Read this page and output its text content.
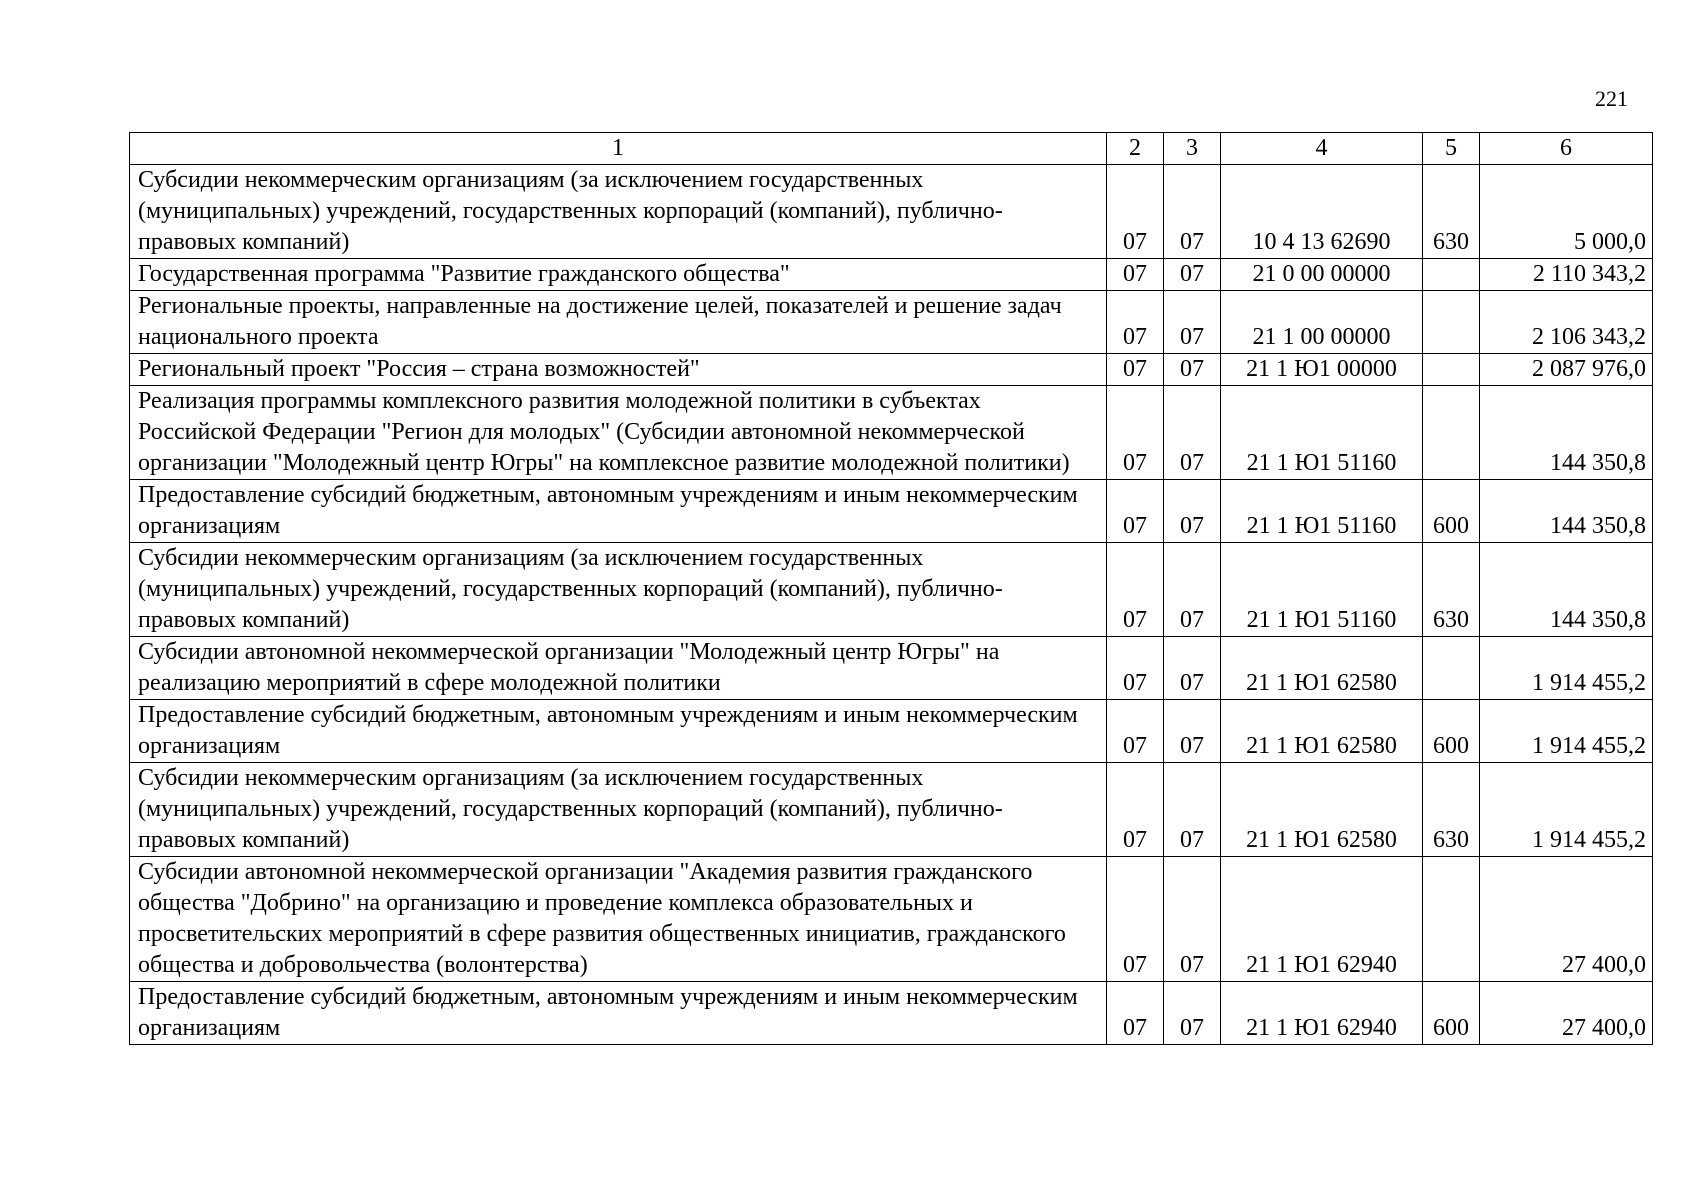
221
1	2	3	4	5	6
Субсидии некоммерческим организациям (за исключением государственных (муниципальных) учреждений, государственных корпораций (компаний), публично-правовых компаний)	07	07	10 4 13 62690	630	5 000,0
Государственная программа "Развитие гражданского общества"	07	07	21 0 00 00000		2 110 343,2
Региональные проекты, направленные на достижение целей, показателей и решение задач национального проекта	07	07	21 1 00 00000		2 106 343,2
Региональный проект "Россия – страна возможностей"	07	07	21 1 Ю1 00000		2 087 976,0
Реализация программы комплексного развития молодежной политики в субъектах Российской Федерации "Регион для молодых" (Субсидии автономной некоммерческой организации "Молодежный центр Югры" на комплексное развитие молодежной политики)	07	07	21 1 Ю1 51160		144 350,8
Предоставление субсидий бюджетным, автономным учреждениям и иным некоммерческим организациям	07	07	21 1 Ю1 51160	600	144 350,8
Субсидии некоммерческим организациям (за исключением государственных (муниципальных) учреждений, государственных корпораций (компаний), публично-правовых компаний)	07	07	21 1 Ю1 51160	630	144 350,8
Субсидии автономной некоммерческой организации "Молодежный центр Югры" на реализацию мероприятий в сфере молодежной политики	07	07	21 1 Ю1 62580		1 914 455,2
Предоставление субсидий бюджетным, автономным учреждениям и иным некоммерческим организациям	07	07	21 1 Ю1 62580	600	1 914 455,2
Субсидии некоммерческим организациям (за исключением государственных (муниципальных) учреждений, государственных корпораций (компаний), публично-правовых компаний)	07	07	21 1 Ю1 62580	630	1 914 455,2
Субсидии автономной некоммерческой организации "Академия развития гражданского общества "Добрино" на организацию и проведение комплекса образовательных и просветительских мероприятий в сфере развития общественных инициатив, гражданского общества и добровольчества (волонтерства)	07	07	21 1 Ю1 62940		27 400,0
Предоставление субсидий бюджетным, автономным учреждениям и иным некоммерческим организациям	07	07	21 1 Ю1 62940	600	27 400,0
